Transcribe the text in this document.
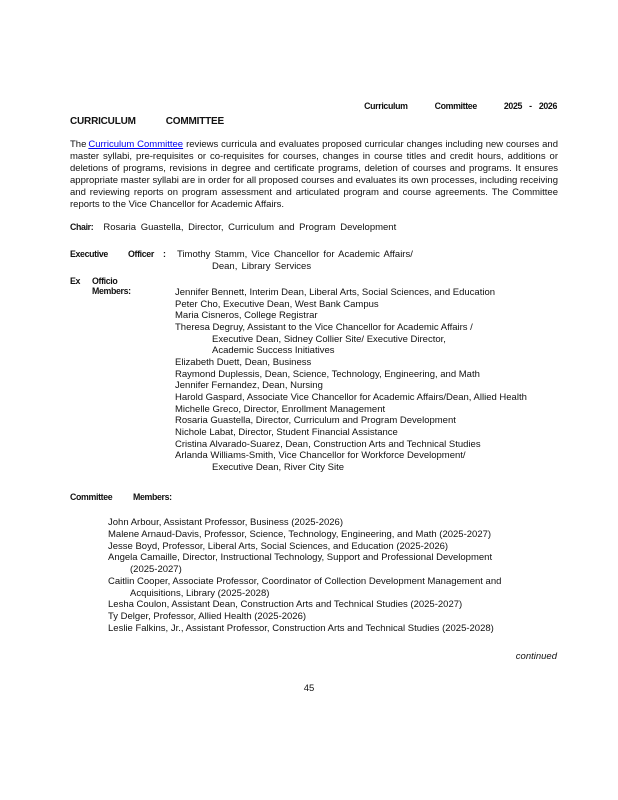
Curriculum	Committee	2025 - 2026
CURRICULUM	COMMITTEE

The Curriculum Committee reviews curricula and evaluates proposed curricular changes including new courses and master syllabi, pre-requisites or co-requisites for courses, changes in course titles and credit hours, additions or deletions of programs, revisions in degree and certificate programs, deletion of courses and programs. It ensures appropriate master syllabi are in order for all proposed courses and evaluates its own processes, including receiving and reviewing reports on program assessment and articulated program and course agreements. The Committee reports to the Vice Chancellor for Academic Affairs.

Chair: Rosaria Guastella, Director, Curriculum and Program Development
Executive Officer : Timothy Stamm, Vice Chancellor for Academic Affairs/
Dean, Library Services
Ex Officio Members:	Jennifer Bennett, Interim Dean, Liberal Arts, Social Sciences, and Education
Peter Cho, Executive Dean, West Bank Campus
Maria Cisneros, College Registrar
Theresa Degruy, Assistant to the Vice Chancellor for Academic Affairs /
Executive Dean, Sidney Collier Site/ Executive Director,
Academic Success Initiatives
Elizabeth Duett, Dean, Business
Raymond Duplessis, Dean, Science, Technology, Engineering, and Math
Jennifer Fernandez, Dean, Nursing
Harold Gaspard, Associate Vice Chancellor for Academic Affairs/Dean, Allied Health
Michelle Greco, Director, Enrollment Management
Rosaria Guastella, Director, Curriculum and Program Development
Nichole Labat, Director, Student Financial Assistance
Cristina Alvarado-Suarez, Dean, Construction Arts and Technical Studies
Arlanda Williams-Smith, Vice Chancellor for Workforce Development/
Executive Dean, River City Site
Committee Members:
John Arbour, Assistant Professor, Business (2025-2026)
Malene Arnaud-Davis, Professor, Science, Technology, Engineering, and Math (2025-2027)
Jesse Boyd, Professor, Liberal Arts, Social Sciences, and Education (2025-2026)
Angela Camaille, Director, Instructional Technology, Support and Professional Development
(2025-2027)
Caitlin Cooper, Associate Professor, Coordinator of Collection Development Management and
Acquisitions, Library (2025-2028)
Lesha Coulon, Assistant Dean, Construction Arts and Technical Studies (2025-2027)
Ty Delger, Professor, Allied Health (2025-2026)
Leslie Falkins, Jr., Assistant Professor, Construction Arts and Technical Studies (2025-2028)
continued
45
